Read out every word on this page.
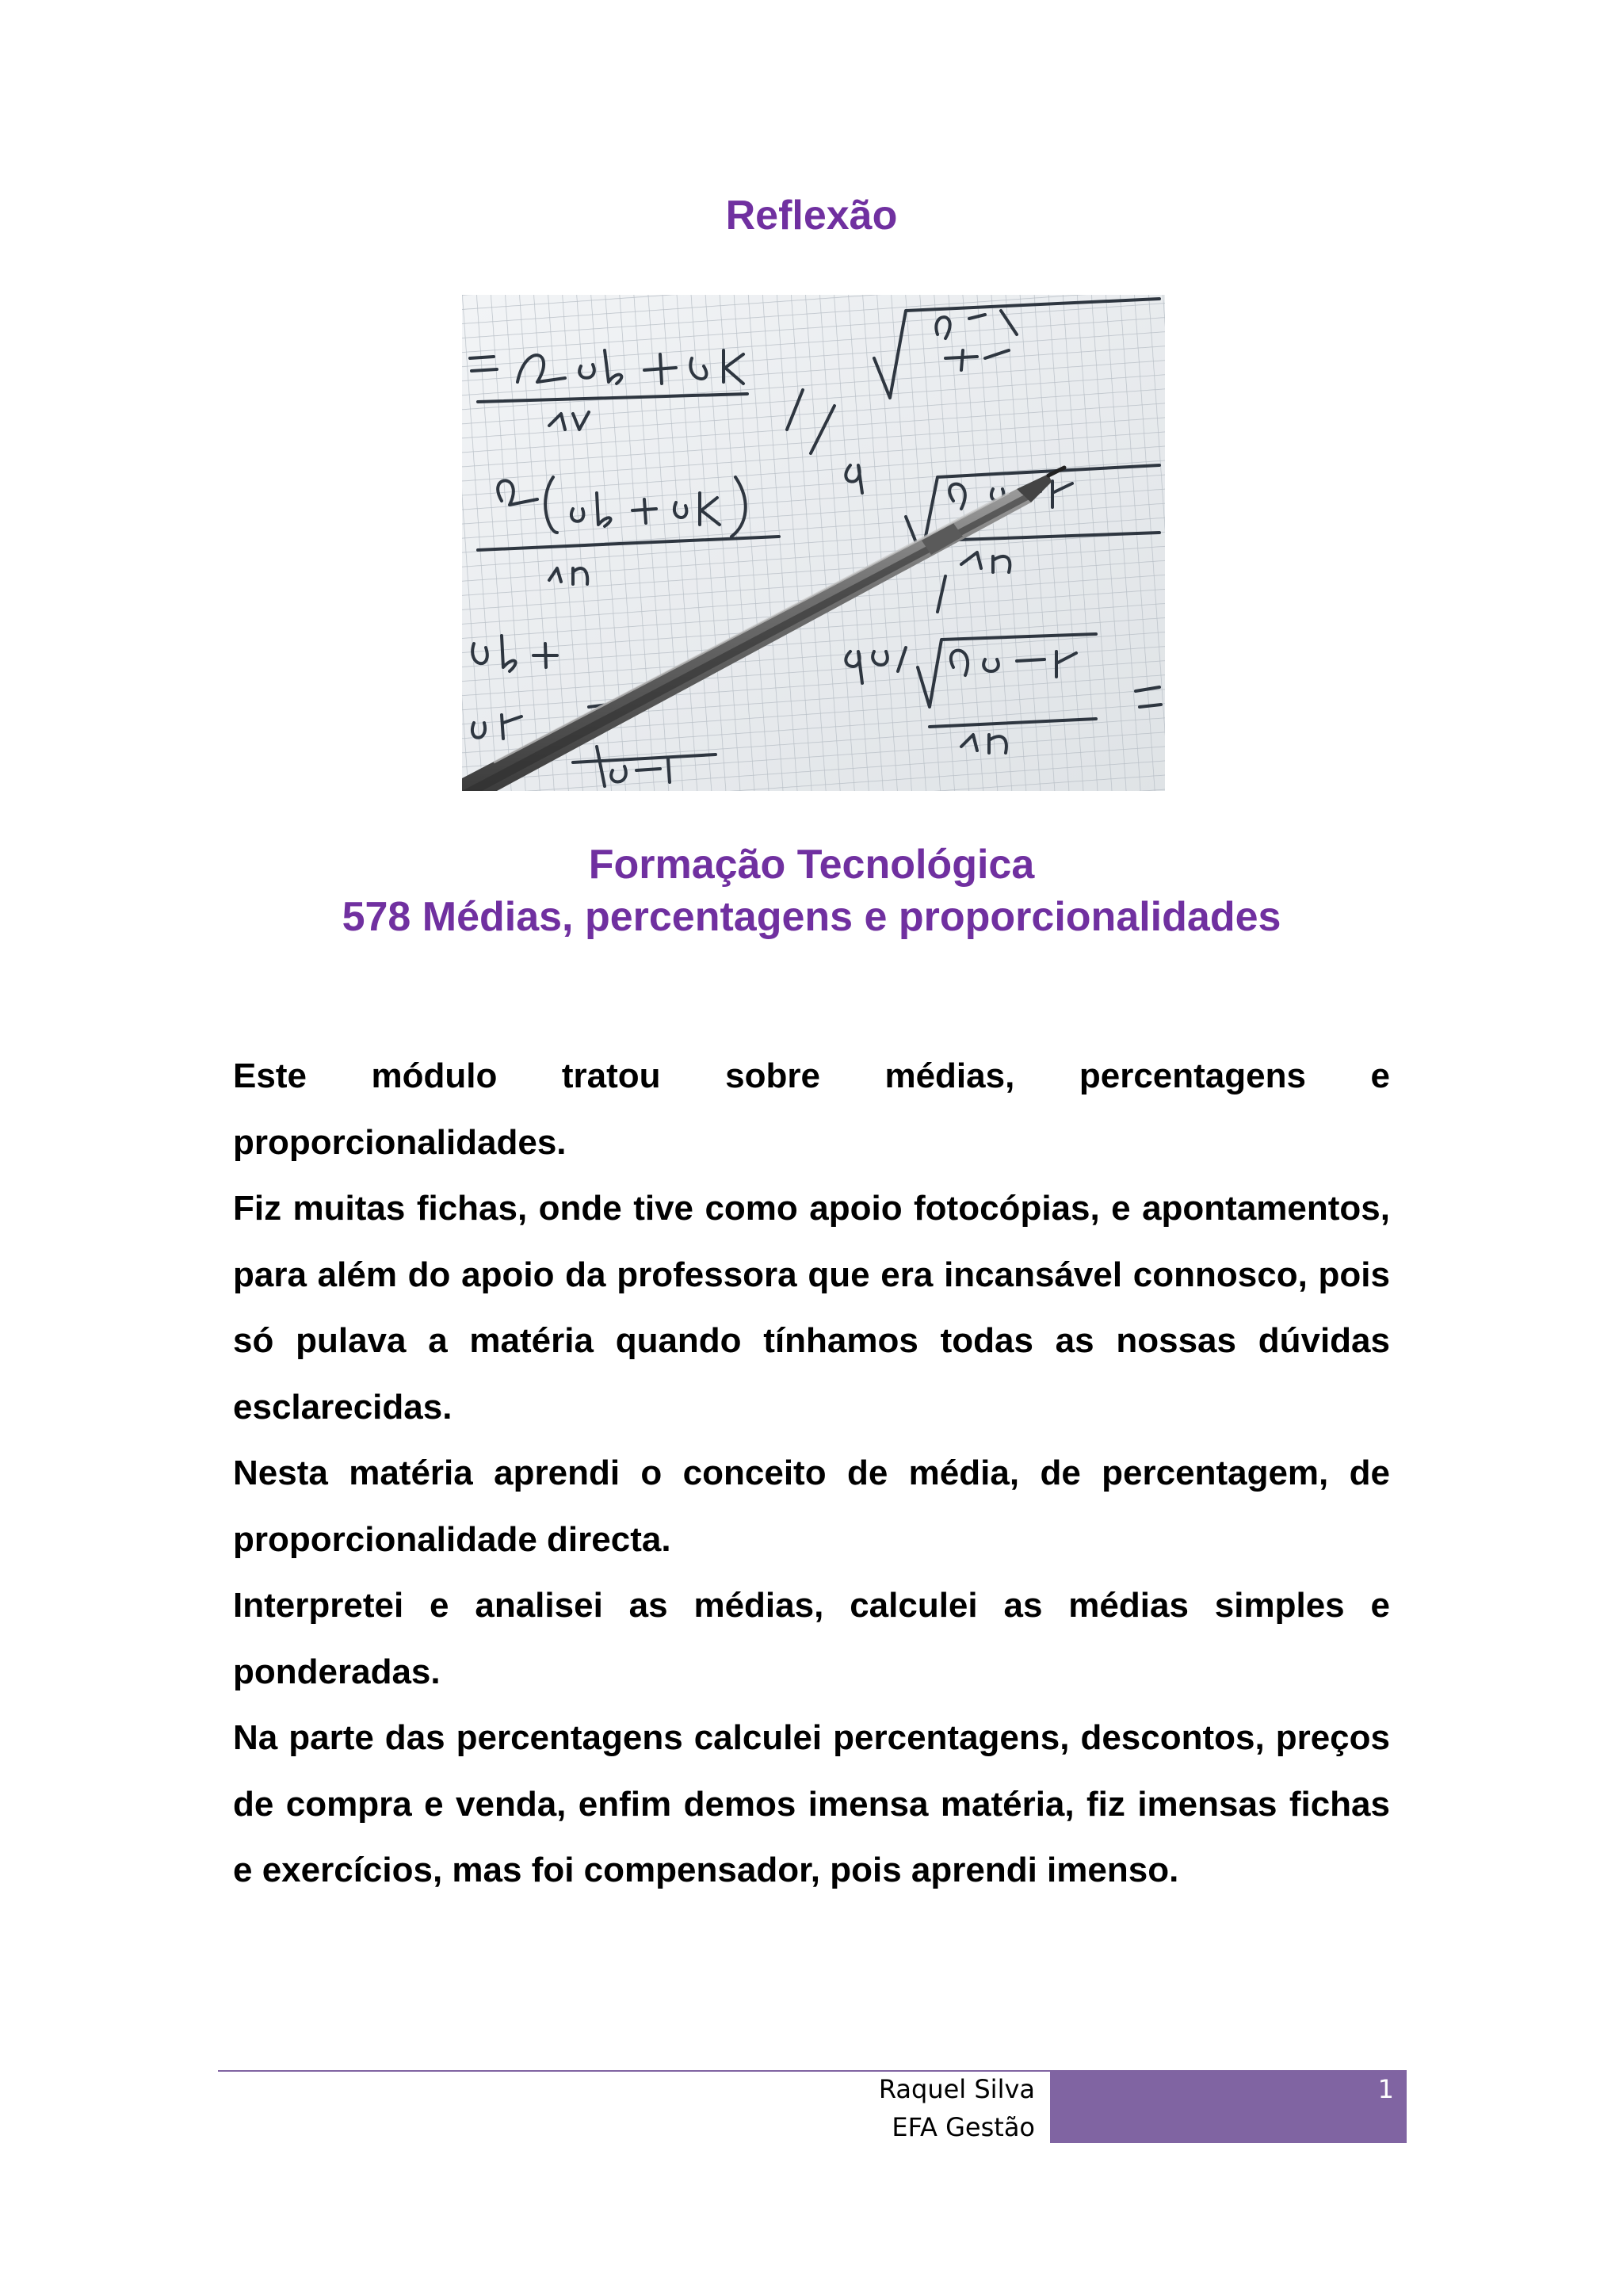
Reflexão
Formação Tecnológica
578 Médias, percentagens e proporcionalidades

Este módulo tratou sobre médias, percentagens e proporcionalidades.

Fiz muitas fichas, onde tive como apoio fotocópias, e apontamentos, para além do apoio da professora que era incansável connosco, pois só pulava a matéria quando tínhamos todas as nossas dúvidas esclarecidas.

Nesta matéria aprendi o conceito de média, de percentagem, de proporcionalidade directa.

Interpretei e analisei as médias, calculei as médias simples e ponderadas.

Na parte das percentagens calculei percentagens, descontos, preços de compra e venda, enfim demos imensa matéria, fiz imensas fichas e exercícios, mas foi compensador, pois aprendi imenso.

Raquel Silva
EFA Gestão
1
